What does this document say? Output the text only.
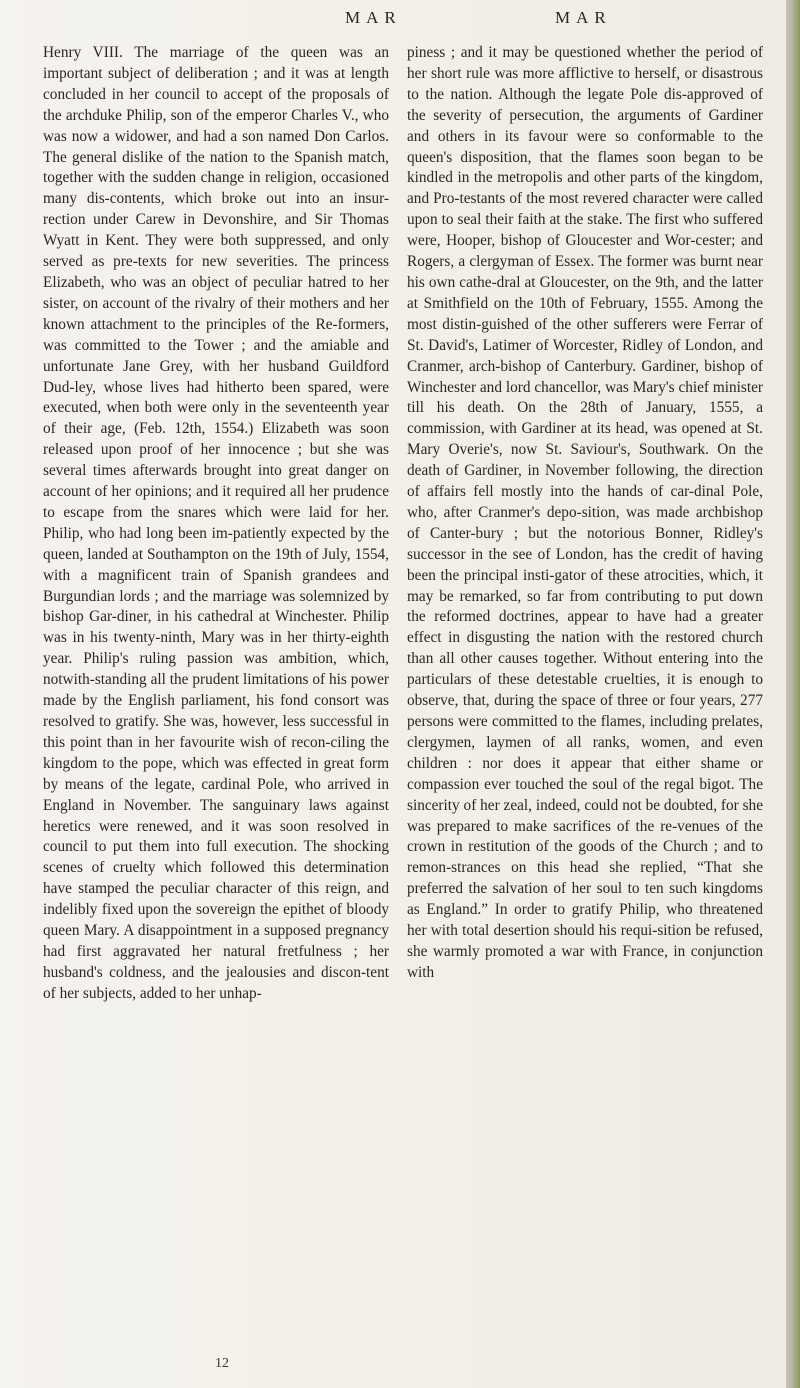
MAR	MAR
Henry VIII. The marriage of the queen was an important subject of deliberation ; and it was at length concluded in her council to accept of the proposals of the archduke Philip, son of the emperor Charles V., who was now a widower, and had a son named Don Carlos. The general dislike of the nation to the Spanish match, together with the sudden change in religion, occasioned many dis-contents, which broke out into an insur-rection under Carew in Devonshire, and Sir Thomas Wyatt in Kent. They were both suppressed, and only served as pre-texts for new severities. The princess Elizabeth, who was an object of peculiar hatred to her sister, on account of the rivalry of their mothers and her known attachment to the principles of the Re-formers, was committed to the Tower ; and the amiable and unfortunate Jane Grey, with her husband Guildford Dud-ley, whose lives had hitherto been spared, were executed, when both were only in the seventeenth year of their age, (Feb. 12th, 1554.) Elizabeth was soon released upon proof of her innocence ; but she was several times afterwards brought into great danger on account of her opinions; and it required all her prudence to escape from the snares which were laid for her. Philip, who had long been im-patiently expected by the queen, landed at Southampton on the 19th of July, 1554, with a magnificent train of Spanish grandees and Burgundian lords ; and the marriage was solemnized by bishop Gar-diner, in his cathedral at Winchester. Philip was in his twenty-ninth, Mary was in her thirty-eighth year. Philip's ruling passion was ambition, which, notwith-standing all the prudent limitations of his power made by the English parliament, his fond consort was resolved to gratify. She was, however, less successful in this point than in her favourite wish of recon-ciling the kingdom to the pope, which was effected in great form by means of the legate, cardinal Pole, who arrived in England in November. The sanguinary laws against heretics were renewed, and it was soon resolved in council to put them into full execution. The shocking scenes of cruelty which followed this determination have stamped the peculiar character of this reign, and indelibly fixed upon the sovereign the epithet of bloody queen Mary. A disappointment in a supposed pregnancy had first aggravated her natural fretfulness ; her husband's coldness, and the jealousies and discon-tent of her subjects, added to her unhap-
piness ; and it may be questioned whether the period of her short rule was more afflictive to herself, or disastrous to the nation. Although the legate Pole dis-approved of the severity of persecution, the arguments of Gardiner and others in its favour were so conformable to the queen's disposition, that the flames soon began to be kindled in the metropolis and other parts of the kingdom, and Pro-testants of the most revered character were called upon to seal their faith at the stake. The first who suffered were, Hooper, bishop of Gloucester and Wor-cester; and Rogers, a clergyman of Essex. The former was burnt near his own cathe-dral at Gloucester, on the 9th, and the latter at Smithfield on the 10th of February, 1555. Among the most distin-guished of the other sufferers were Ferrar of St. David's, Latimer of Worcester, Ridley of London, and Cranmer, arch-bishop of Canterbury. Gardiner, bishop of Winchester and lord chancellor, was Mary's chief minister till his death. On the 28th of January, 1555, a commission, with Gardiner at its head, was opened at St. Mary Overie's, now St. Saviour's, Southwark. On the death of Gardiner, in November following, the direction of affairs fell mostly into the hands of car-dinal Pole, who, after Cranmer's depo-sition, was made archbishop of Canter-bury ; but the notorious Bonner, Ridley's successor in the see of London, has the credit of having been the principal insti-gator of these atrocities, which, it may be remarked, so far from contributing to put down the reformed doctrines, appear to have had a greater effect in disgusting the nation with the restored church than all other causes together. Without entering into the particulars of these detestable cruelties, it is enough to observe, that, during the space of three or four years, 277 persons were committed to the flames, including prelates, clergymen, laymen of all ranks, women, and even children : nor does it appear that either shame or compassion ever touched the soul of the regal bigot. The sincerity of her zeal, indeed, could not be doubted, for she was prepared to make sacrifices of the re-venues of the crown in restitution of the goods of the Church ; and to remon-strances on this head she replied, “That she preferred the salvation of her soul to ten such kingdoms as England.” In order to gratify Philip, who threatened her with total desertion should his requi-sition be refused, she warmly promoted a war with France, in conjunction with
12
